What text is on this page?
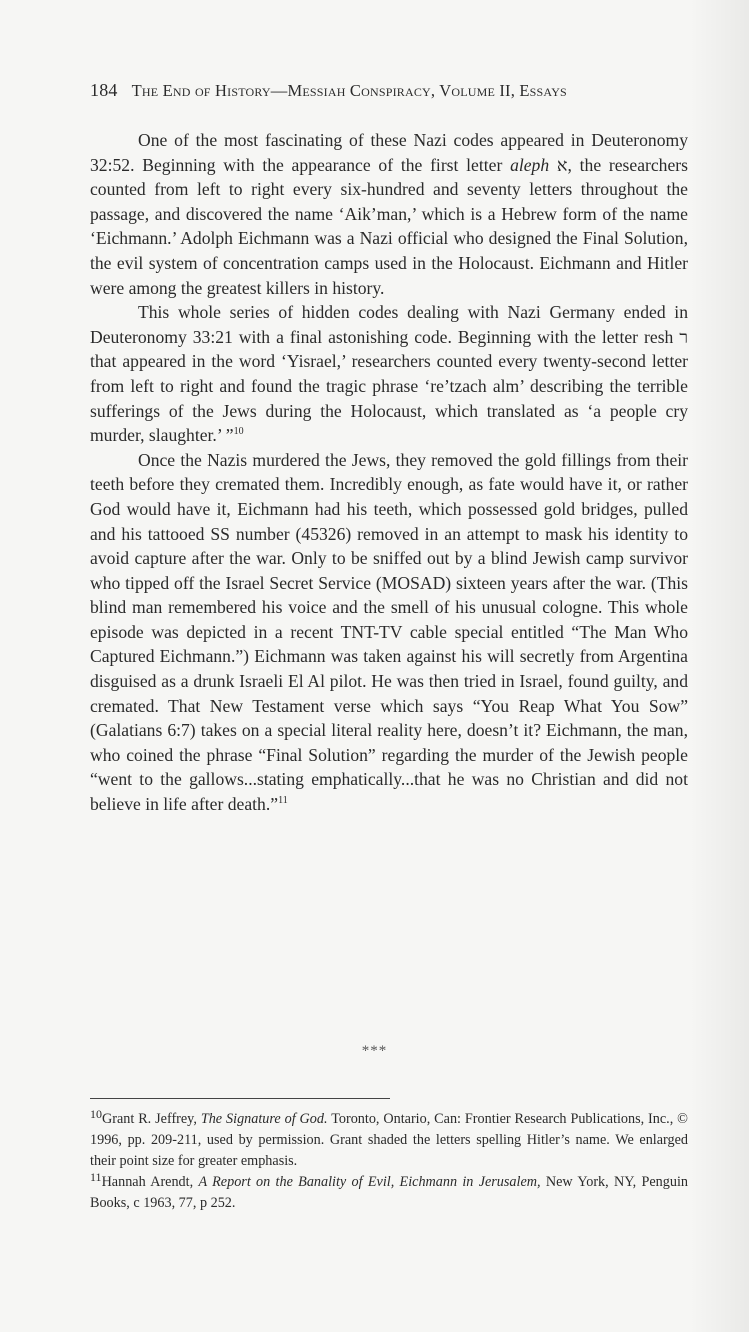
184 The End of History—Messiah Conspiracy, Volume II, Essays

One of the most fascinating of these Nazi codes appeared in Deuteronomy 32:52. Beginning with the appearance of the first letter aleph א, the researchers counted from left to right every six-hundred and seventy letters throughout the passage, and discovered the name ‘Aik’man,’ which is a Hebrew form of the name ‘Eichmann.’ Adolph Eichmann was a Nazi official who designed the Final Solution, the evil system of concentration camps used in the Holocaust. Eichmann and Hitler were among the greatest killers in history.

This whole series of hidden codes dealing with Nazi Germany ended in Deuteronomy 33:21 with a final astonishing code. Beginning with the letter resh ר that appeared in the word ‘Yisrael,’ researchers counted every twenty-second letter from left to right and found the tragic phrase ‘re’tzach alm’ describing the terrible sufferings of the Jews during the Holocaust, which translated as ‘a people cry murder, slaughter.’ ”$^{10}$

Once the Nazis murdered the Jews, they removed the gold fillings from their teeth before they cremated them. Incredibly enough, as fate would have it, or rather God would have it, Eichmann had his teeth, which possessed gold bridges, pulled and his tattooed SS number (45326) removed in an attempt to mask his identity to avoid capture after the war. Only to be sniffed out by a blind Jewish camp survivor who tipped off the Israel Secret Service (MOSAD) sixteen years after the war. (This blind man remembered his voice and the smell of his unusual cologne. This whole episode was depicted in a recent TNT-TV cable special entitled “The Man Who Captured Eichmann.”) Eichmann was taken against his will secretly from Argentina disguised as a drunk Israeli El Al pilot. He was then tried in Israel, found guilty, and cremated. That New Testament verse which says “You Reap What You Sow” (Galatians 6:7) takes on a special literal reality here, doesn’t it? Eichmann, the man, who coined the phrase “Final Solution” regarding the murder of the Jewish people “went to the gallows...stating emphatically...that he was no Christian and did not believe in life after death.”$^{11}$

***

$^{10}$Grant R. Jeffrey, The Signature of God. Toronto, Ontario, Can: Frontier Research Publications, Inc., © 1996, pp. 209-211, used by permission. Grant shaded the letters spelling Hitler’s name. We enlarged their point size for greater emphasis.

$^{11}$Hannah Arendt, A Report on the Banality of Evil, Eichmann in Jerusalem, New York, NY, Penguin Books, c 1963, 77, p 252.
